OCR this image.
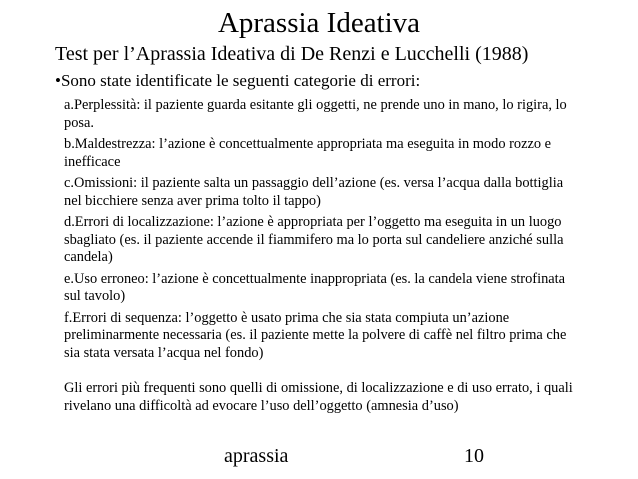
Aprassia Ideativa
Test per l’Aprassia Ideativa di De Renzi e Lucchelli (1988)
•Sono state identificate le seguenti categorie di errori:
a.Perplessità: il paziente guarda esitante gli oggetti, ne prende uno in mano, lo rigira, lo posa.
b.Maldestrezza: l’azione è concettualmente appropriata ma eseguita in modo rozzo e inefficace
c.Omissioni: il paziente salta un passaggio dell’azione (es. versa l’acqua dalla bottiglia nel bicchiere senza aver prima tolto il tappo)
d.Errori di localizzazione: l’azione è appropriata per l’oggetto ma eseguita in un luogo sbagliato (es. il paziente accende il fiammifero ma lo porta sul candeliere anziché sulla candela)
e.Uso erroneo: l’azione è concettualmente inappropriata (es. la candela viene strofinata sul tavolo)
f.Errori di sequenza: l’oggetto è usato prima che sia stata compiuta un’azione preliminarmente necessaria (es. il paziente mette la polvere di caffè nel filtro prima che sia stata versata l’acqua nel fondo)
Gli errori più frequenti sono quelli di omissione, di localizzazione e di uso errato, i quali rivelano una difficoltà ad evocare l’uso dell’oggetto (amnesia d’uso)
aprassia	10
